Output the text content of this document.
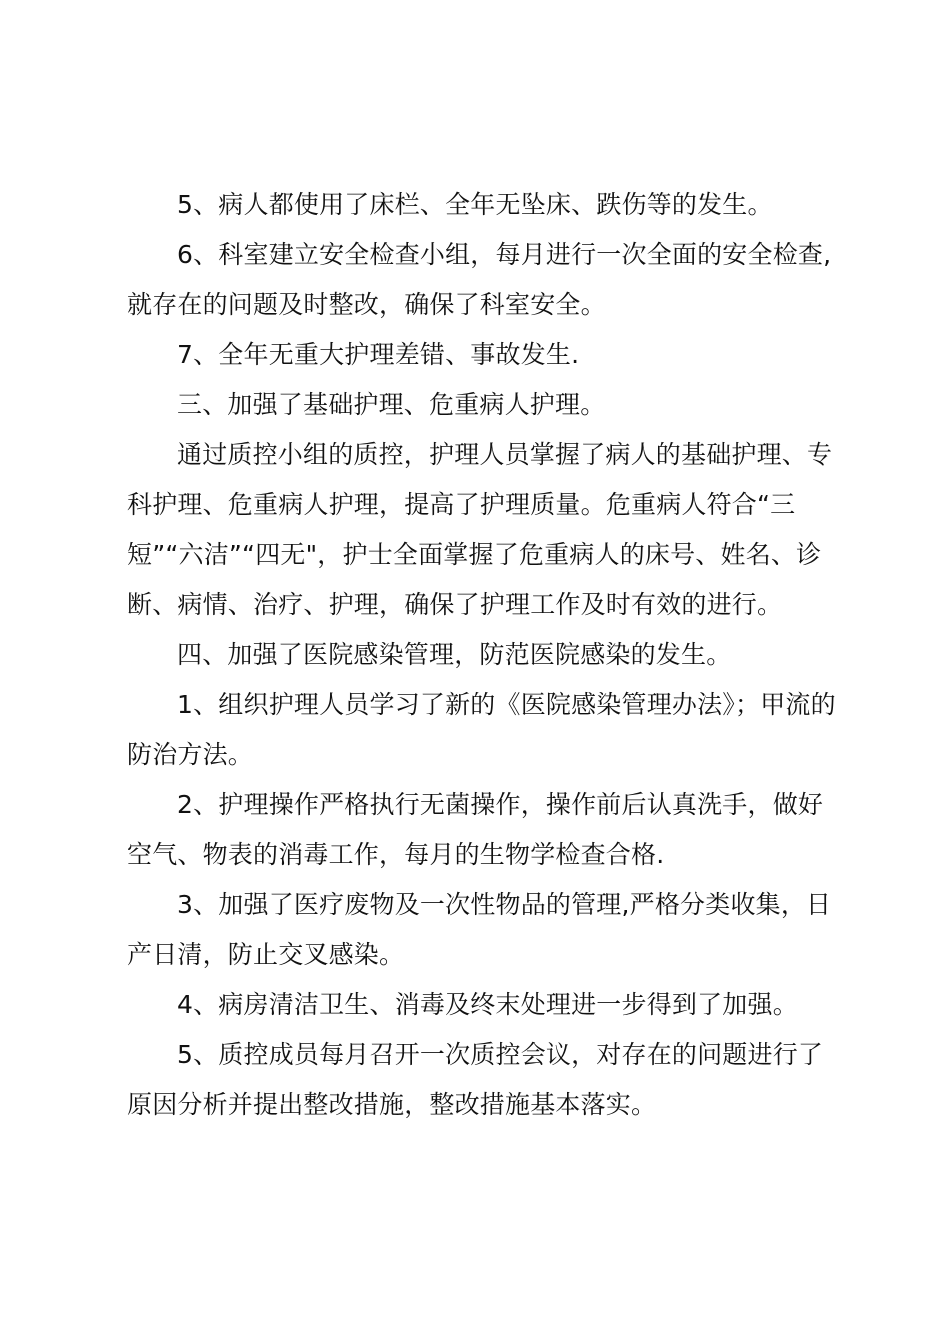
5、病人都使用了床栏、全年无坠床、跌伤等的发生。

6、科室建立安全检查小组，每月进行一次全面的安全检查,就存在的问题及时整改，确保了科室安全。

7、全年无重大护理差错、事故发生.

三、加强了基础护理、危重病人护理。

通过质控小组的质控，护理人员掌握了病人的基础护理、专科护理、危重病人护理，提高了护理质量。危重病人符合“三短”“六洁”“四无"，护士全面掌握了危重病人的床号、姓名、诊断、病情、治疗、护理，确保了护理工作及时有效的进行。

四、加强了医院感染管理，防范医院感染的发生。

1、组织护理人员学习了新的《医院感染管理办法》；甲流的防治方法。

2、护理操作严格执行无菌操作，操作前后认真洗手，做好空气、物表的消毒工作，每月的生物学检查合格.

3、加强了医疗废物及一次性物品的管理,严格分类收集，日产日清，防止交叉感染。

4、病房清洁卫生、消毒及终末处理进一步得到了加强。

5、质控成员每月召开一次质控会议，对存在的问题进行了原因分析并提出整改措施，整改措施基本落实。
